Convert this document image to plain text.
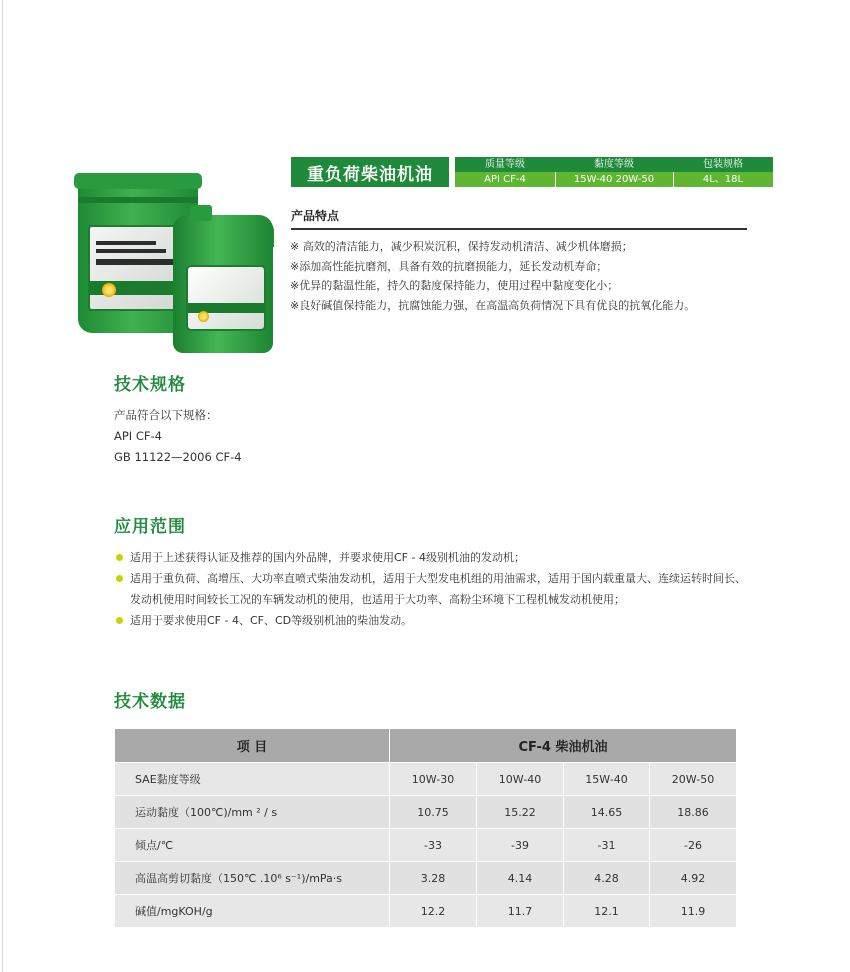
重负荷柴油机油	质量等级	黏度等级	包装规格
API CF-4	15W-40 20W-50	4L、18L
产品特点
※ 高效的清洁能力，减少积炭沉积，保持发动机清洁、减少机体磨损；
※添加高性能抗磨剂，具备有效的抗磨损能力，延长发动机寿命；
※优异的黏温性能，持久的黏度保持能力，使用过程中黏度变化小；
※良好碱值保持能力，抗腐蚀能力强，在高温高负荷情况下具有优良的抗氧化能力。
技术规格
产品符合以下规格：
API CF-4
GB 11122—2006 CF-4
应用范围
适用于上述获得认证及推荐的国内外品牌，并要求使用CF - 4级别机油的发动机；
适用于重负荷、高增压、大功率直喷式柴油发动机，适用于大型发电机组的用油需求，适用于国内载重量大、连续运转时间长、发动机使用时间较长工况的车辆发动机的使用，也适用于大功率、高粉尘环境下工程机械发动机使用；
适用于要求使用CF - 4、CF、CD等级别机油的柴油发动。
技术数据
项 目	CF-4 柴油机油			
SAE黏度等级	10W-30	10W-40	15W-40	20W-50
运动黏度（100℃)/mm ² / s	10.75	15.22	14.65	18.86
倾点/℃	-33	-39	-31	-26
高温高剪切黏度（150℃ .10⁶ s⁻¹)/mPa·s	3.28	4.14	4.28	4.92
碱值/mgKOH/g	12.2	11.7	12.1	11.9
